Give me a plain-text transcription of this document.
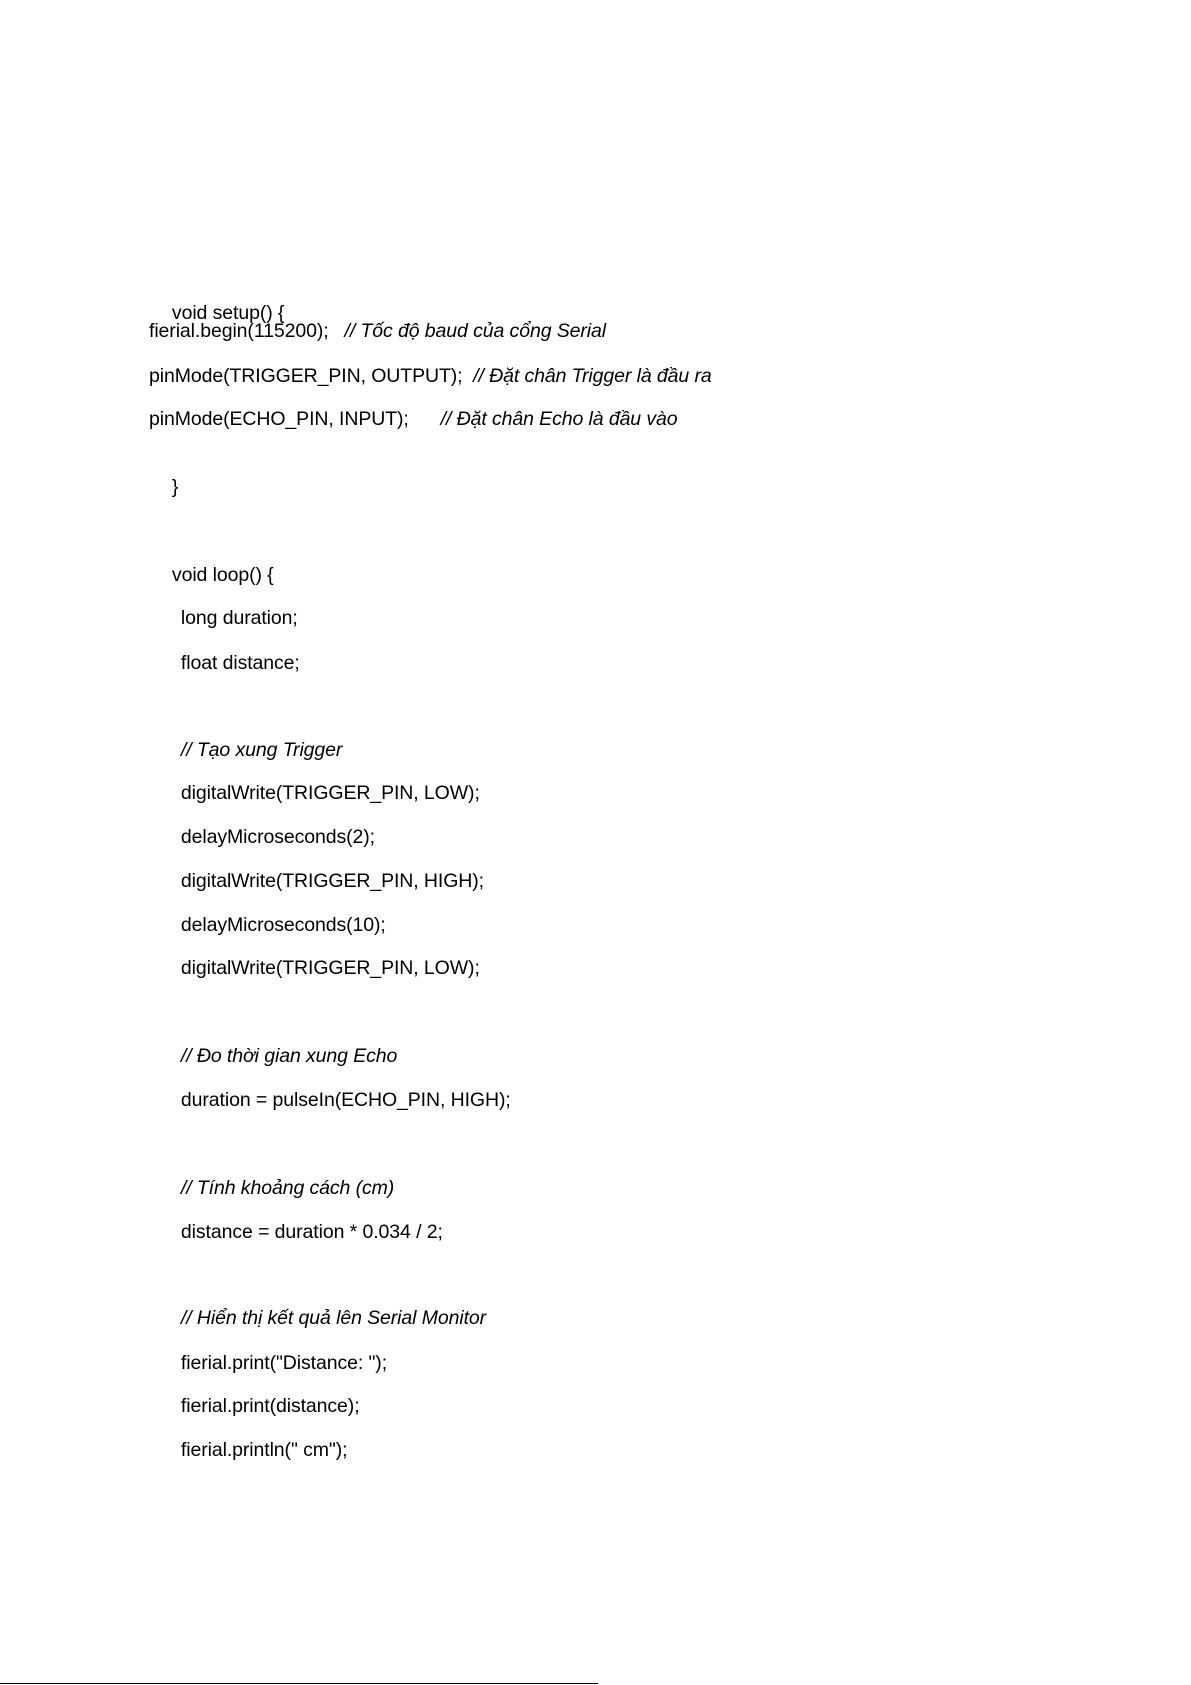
void setup() {

fierial.begin(115200);   // Tốc độ baud của cổng Serial
pinMode(TRIGGER_PIN, OUTPUT);  // Đặt chân Trigger là đầu ra
pinMode(ECHO_PIN, INPUT);      // Đặt chân Echo là đầu vào

}

void loop() {

long duration;

float distance;

// Tạo xung Trigger

digitalWrite(TRIGGER_PIN, LOW);

delayMicroseconds(2);

digitalWrite(TRIGGER_PIN, HIGH);

delayMicroseconds(10);

digitalWrite(TRIGGER_PIN, LOW);

// Đo thời gian xung Echo

duration = pulseIn(ECHO_PIN, HIGH);

// Tính khoảng cách (cm)

distance = duration * 0.034 / 2;

// Hiển thị kết quả lên Serial Monitor

fierial.print("Distance: ");

fierial.print(distance);

fierial.println(" cm");
